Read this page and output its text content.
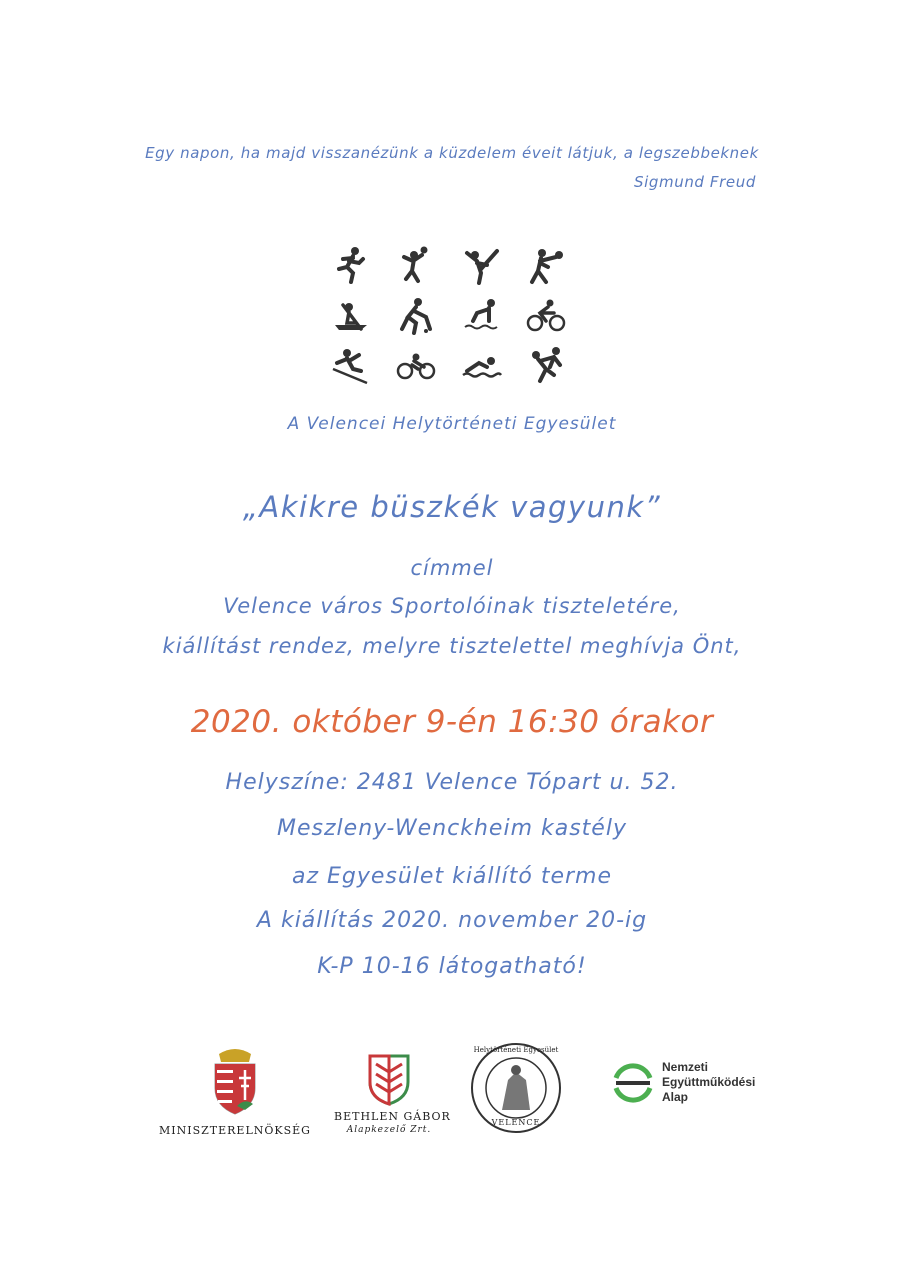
Egy napon, ha majd visszanézünk a küzdelem éveit látjuk, a legszebbeknek
Sigmund Freud
A Velencei Helytörténeti Egyesület
„Akikre büszkék vagyunk”
címmel
Velence város Sportolóinak tiszteletére,
kiállítást rendez, melyre tisztelettel meghívja Önt,
2020. október 9-én 16:30 órakor
Helyszíne: 2481 Velence Tópart u. 52.
Meszleny-Wenckheim kastély
az Egyesület kiállító terme
A kiállítás 2020. november 20-ig
K-P 10-16 látogatható!
MINISZTERELNÖKSÉG
BETHLEN GÁBOR
Alapkezelő Zrt.
Helytörténeti Egyesület
VELENCE
Nemzeti
Együttműködési
Alap
